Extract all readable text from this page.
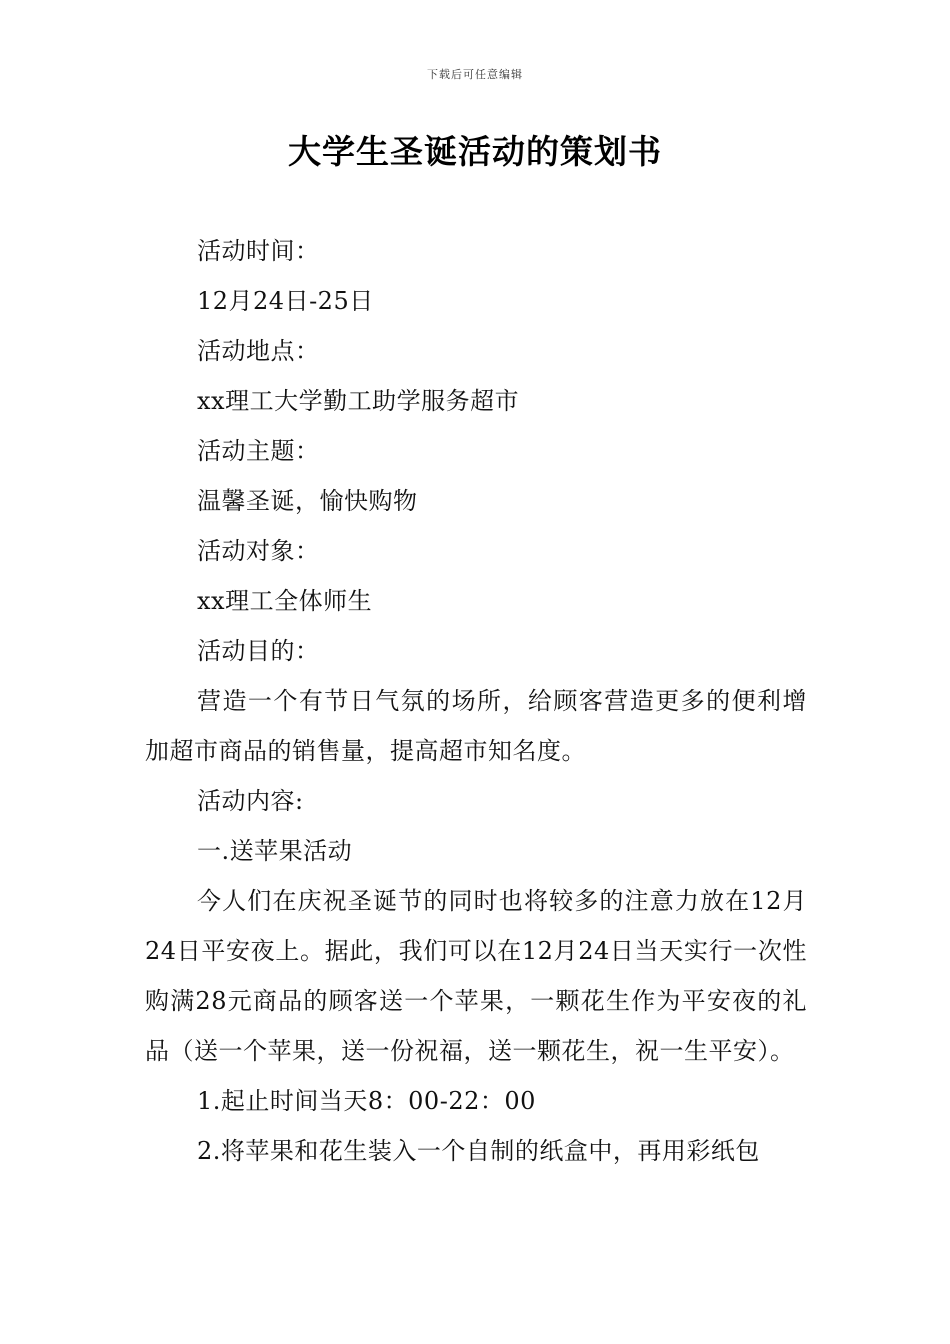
下载后可任意编辑
大学生圣诞活动的策划书

活动时间：

12月24日-25日

活动地点：

xx理工大学勤工助学服务超市

活动主题：

温馨圣诞，愉快购物

活动对象：

xx理工全体师生

活动目的：

营造一个有节日气氛的场所，给顾客营造更多的便利增加超市商品的销售量，提高超市知名度。

活动内容:

一.送苹果活动

今人们在庆祝圣诞节的同时也将较多的注意力放在12月24日平安夜上。据此，我们可以在12月24日当天实行一次性购满28元商品的顾客送一个苹果，一颗花生作为平安夜的礼品（送一个苹果，送一份祝福，送一颗花生，祝一生平安）。

1.起止时间当天8：00-22：00

2.将苹果和花生装入一个自制的纸盒中，再用彩纸包
